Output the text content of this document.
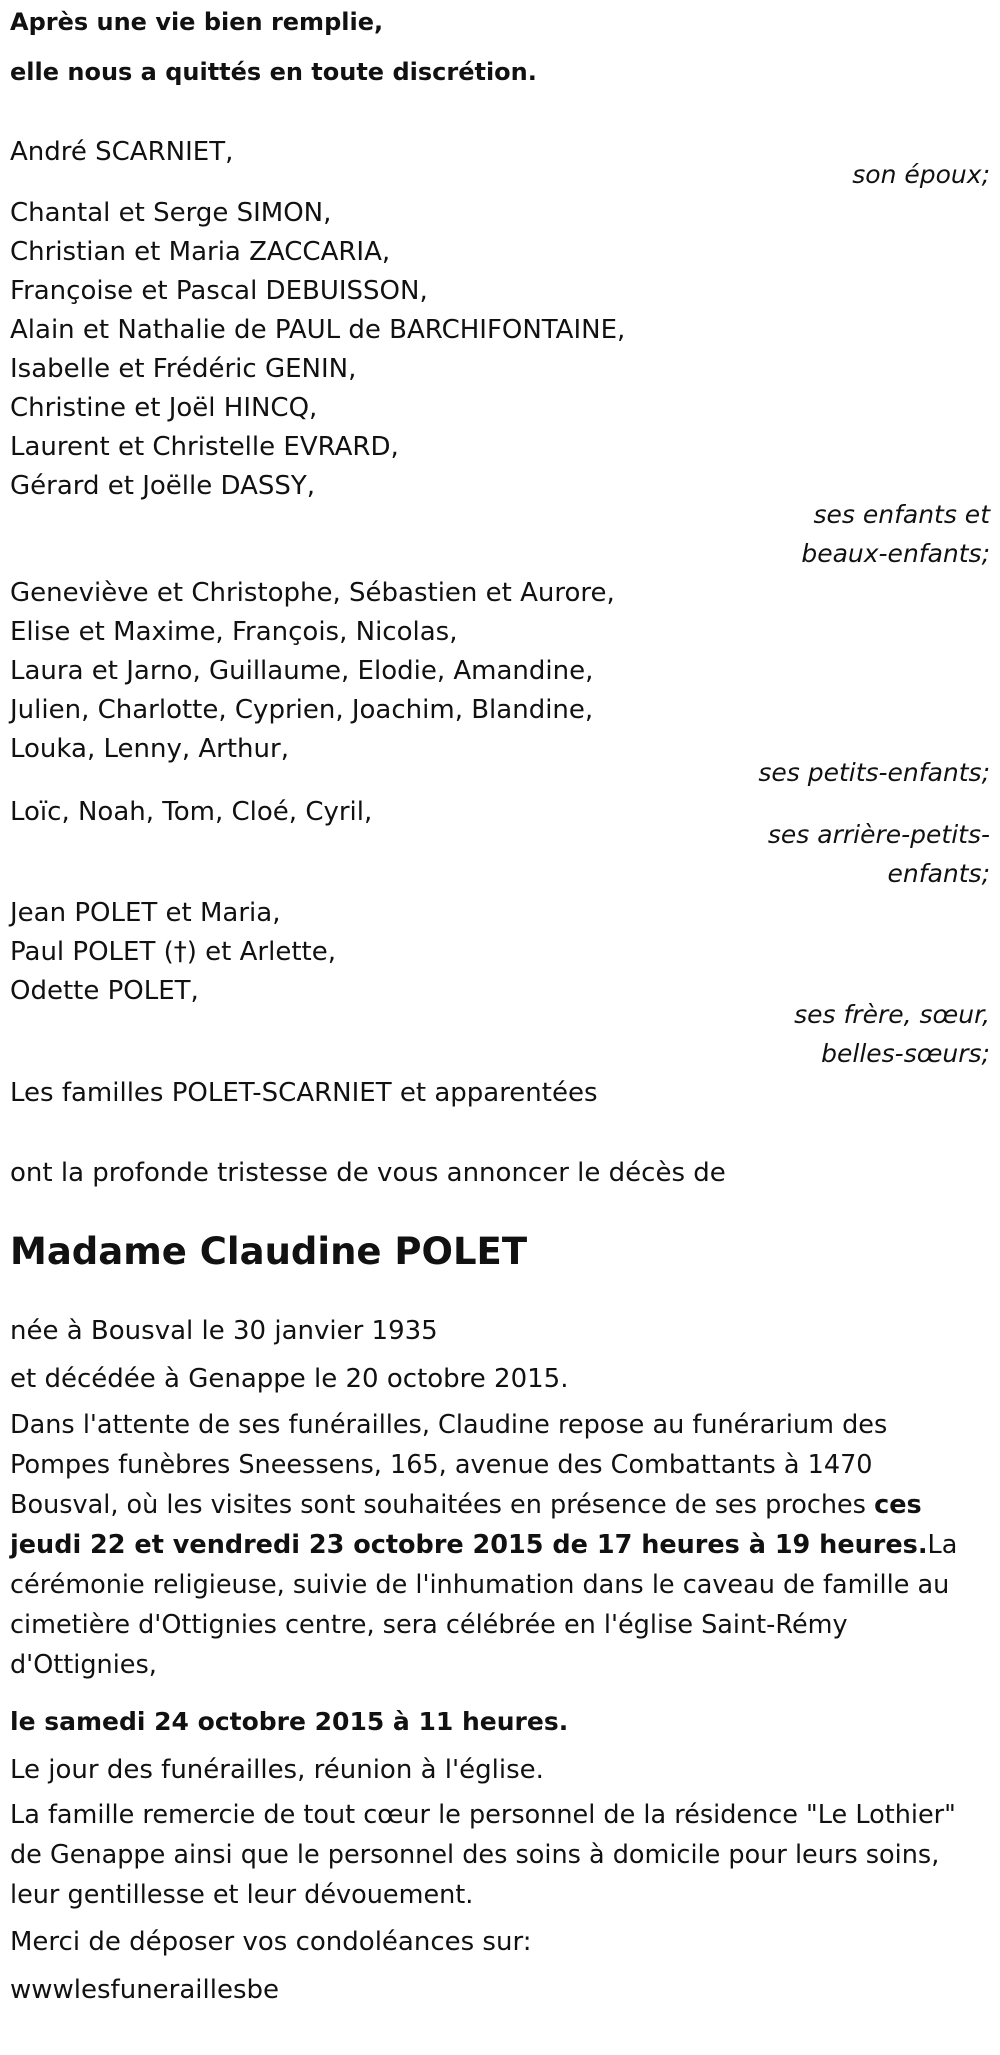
Après une vie bien remplie,
elle nous a quittés en toute discrétion.
André SCARNIET,
son époux;
Chantal et Serge SIMON,
Christian et Maria ZACCARIA,
Françoise et Pascal DEBUISSON,
Alain et Nathalie de PAUL de BARCHIFONTAINE,
Isabelle et Frédéric GENIN,
Christine et Joël HINCQ,
Laurent et Christelle EVRARD,
Gérard et Joëlle DASSY,
ses enfants et
beaux-enfants;
Geneviève et Christophe, Sébastien et Aurore,
Elise et Maxime, François, Nicolas,
Laura et Jarno, Guillaume, Elodie, Amandine,
Julien, Charlotte, Cyprien, Joachim, Blandine,
Louka, Lenny, Arthur,
ses petits-enfants;
Loïc, Noah, Tom, Cloé, Cyril,
ses arrière-petits-
enfants;
Jean POLET et Maria,
Paul POLET (†) et Arlette,
Odette POLET,
ses frère, sœur,
belles-sœurs;
Les familles POLET-SCARNIET et apparentées
ont la profonde tristesse de vous annoncer le décès de
Madame Claudine POLET
née à Bousval le 30 janvier 1935
et décédée à Genappe le 20 octobre 2015.
Dans l'attente de ses funérailles, Claudine repose au funérarium des Pompes funèbres Sneessens, 165, avenue des Combattants à 1470 Bousval, où les visites sont souhaitées en présence de ses proches ces jeudi 22 et vendredi 23 octobre 2015 de 17 heures à 19 heures.La cérémonie religieuse, suivie de l'inhumation dans le caveau de famille au cimetière d'Ottignies centre, sera célébrée en l'église Saint-Rémy d'Ottignies,
le samedi 24 octobre 2015 à 11 heures.
Le jour des funérailles, réunion à l'église.
La famille remercie de tout cœur le personnel de la résidence "Le Lothier" de Genappe ainsi que le personnel des soins à domicile pour leurs soins, leur gentillesse et leur dévouement.
Merci de déposer vos condoléances sur:
wwwlesfuneraillesbe
